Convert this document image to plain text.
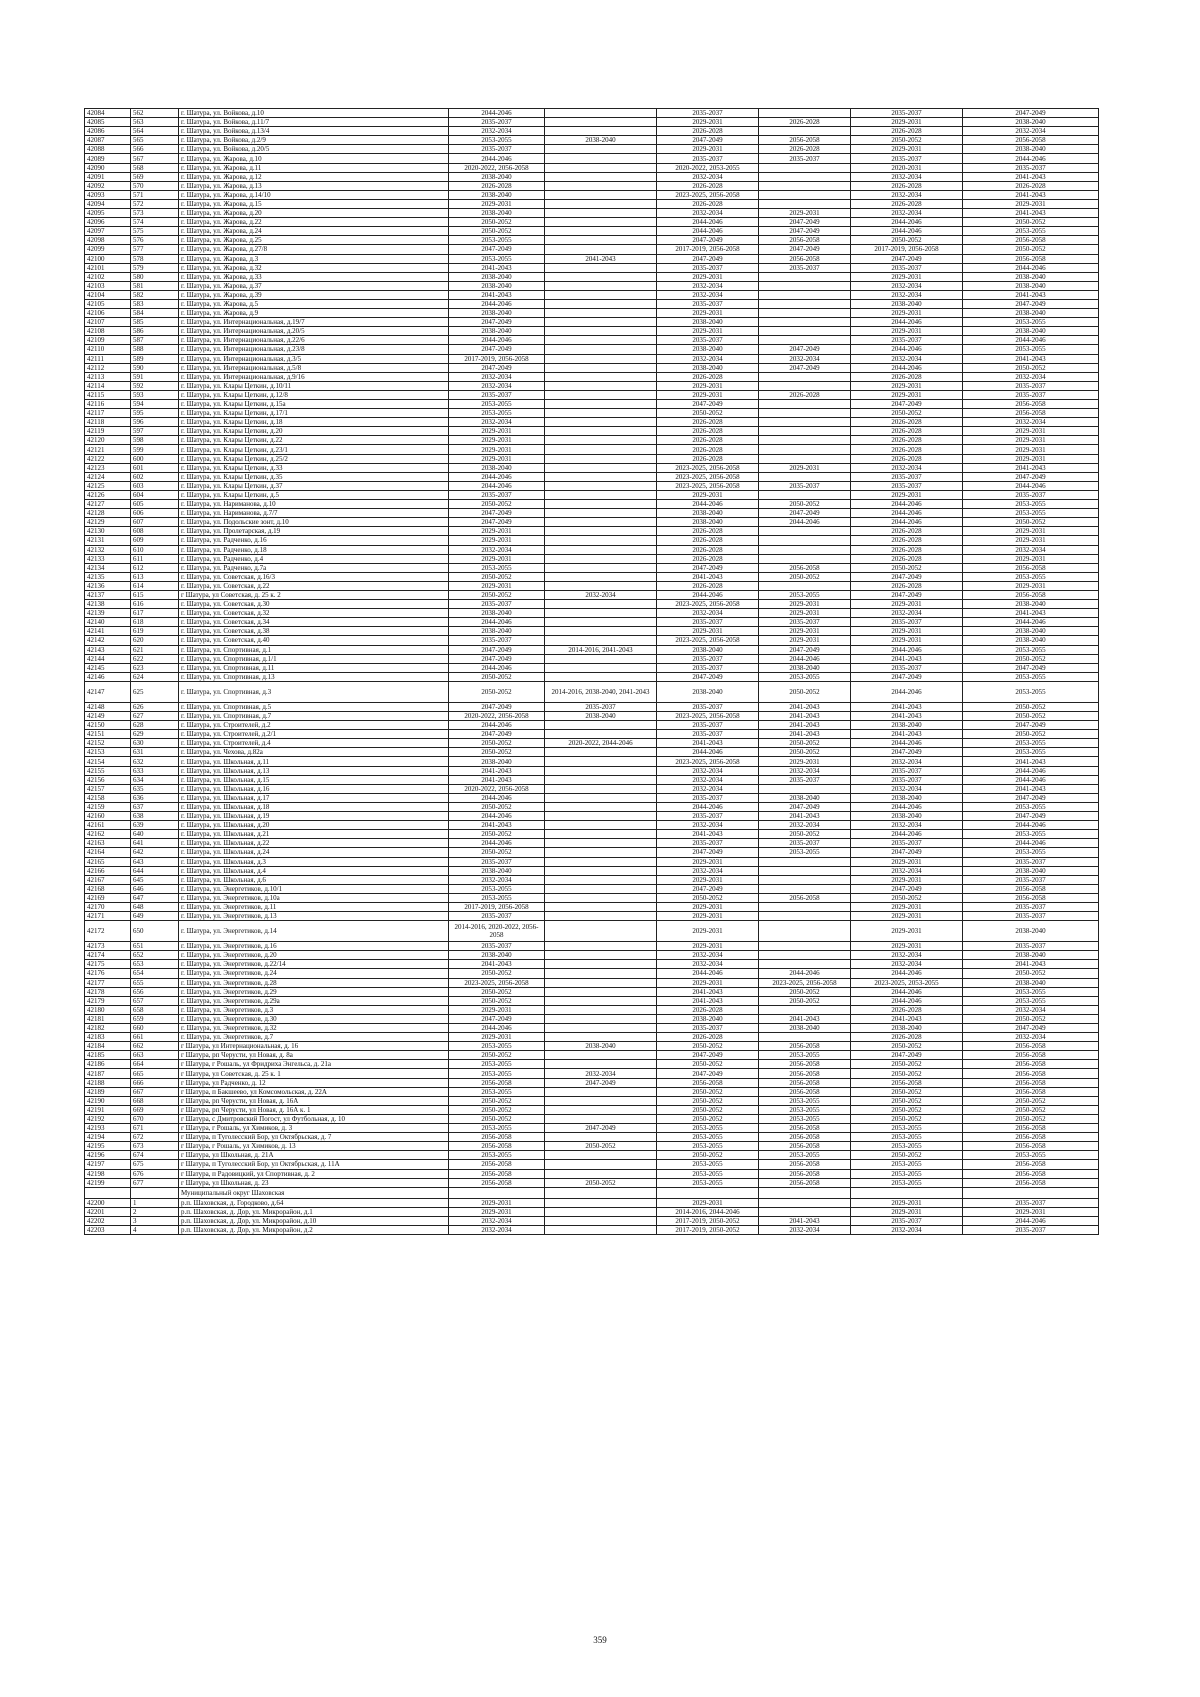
42084	562	г. Шатура, ул. Войкова, д.10	2044-2046		2035-2037		2035-2037	2047-2049
42085	563	г. Шатура, ул. Войкова, д.11/7	2035-2037		2029-2031	2026-2028	2029-2031	2038-2040
42086	564	г. Шатура, ул. Войкова, д.13/4	2032-2034		2026-2028		2026-2028	2032-2034
42087	565	г. Шатура, ул. Войкова, д.2/9	2053-2055	2038-2040	2047-2049	2056-2058	2050-2052	2056-2058
42088	566	г. Шатура, ул. Войкова, д.20/5	2035-2037		2029-2031	2026-2028	2029-2031	2038-2040
42089	567	г. Шатура, ул. Жарова, д.10	2044-2046		2035-2037	2035-2037	2035-2037	2044-2046
42090	568	г. Шатура, ул. Жарова, д.11	2020-2022, 2056-2058		2020-2022, 2053-2055		2020-2031	2035-2037
42091	569	г. Шатура, ул. Жарова, д.12	2038-2040		2032-2034		2032-2034	2041-2043
42092	570	г. Шатура, ул. Жарова, д.13	2026-2028		2026-2028		2026-2028	2026-2028
42093	571	г. Шатура, ул. Жарова, д.14/10	2038-2040		2023-2025, 2056-2058		2032-2034	2041-2043
42094	572	г. Шатура, ул. Жарова, д.15	2029-2031		2026-2028		2026-2028	2029-2031
42095	573	г. Шатура, ул. Жарова, д.20	2038-2040		2032-2034	2029-2031	2032-2034	2041-2043
42096	574	г. Шатура, ул. Жарова, д.22	2050-2052		2044-2046	2047-2049	2044-2046	2050-2052
42097	575	г. Шатура, ул. Жарова, д.24	2050-2052		2044-2046	2047-2049	2044-2046	2053-2055
42098	576	г. Шатура, ул. Жарова, д.25	2053-2055		2047-2049	2056-2058	2050-2052	2056-2058
42099	577	г. Шатура, ул. Жарова, д.27/8	2047-2049		2017-2019, 2056-2058	2047-2049	2017-2019, 2056-2058	2050-2052
42100	578	г. Шатура, ул. Жарова, д.3	2053-2055	2041-2043	2047-2049	2056-2058	2047-2049	2056-2058
42101	579	г. Шатура, ул. Жарова, д.32	2041-2043		2035-2037	2035-2037	2035-2037	2044-2046
42102	580	г. Шатура, ул. Жарова, д.33	2038-2040		2029-2031		2029-2031	2038-2040
42103	581	г. Шатура, ул. Жарова, д.37	2038-2040		2032-2034		2032-2034	2038-2040
42104	582	г. Шатура, ул. Жарова, д.39	2041-2043		2032-2034		2032-2034	2041-2043
42105	583	г. Шатура, ул. Жарова, д.5	2044-2046		2035-2037		2038-2040	2047-2049
42106	584	г. Шатура, ул. Жарова, д.9	2038-2040		2029-2031		2029-2031	2038-2040
42107	585	г. Шатура, ул. Интернациональная, д.19/7	2047-2049		2038-2040		2044-2046	2053-2055
42108	586	г. Шатура, ул. Интернациональная, д.20/5	2038-2040		2029-2031		2029-2031	2038-2040
42109	587	г. Шатура, ул. Интернациональная, д.22/6	2044-2046		2035-2037		2035-2037	2044-2046
42110	588	г. Шатура, ул. Интернациональная, д.23/8	2047-2049		2038-2040	2047-2049	2044-2046	2053-2055
42111	589	г. Шатура, ул. Интернациональная, д.3/5	2017-2019, 2056-2058		2032-2034	2032-2034	2032-2034	2041-2043
42112	590	г. Шатура, ул. Интернациональная, д.5/8	2047-2049		2038-2040	2047-2049	2044-2046	2050-2052
42113	591	г. Шатура, ул. Интернациональная, д.9/16	2032-2034		2026-2028		2026-2028	2032-2034
42114	592	г. Шатура, ул. Клары Цеткин, д.10/11	2032-2034		2029-2031		2029-2031	2035-2037
42115	593	г. Шатура, ул. Клары Цеткин, д.12/8	2035-2037		2029-2031	2026-2028	2029-2031	2035-2037
42116	594	г. Шатура, ул. Клары Цеткин, д.15а	2053-2055		2047-2049		2047-2049	2056-2058
42117	595	г. Шатура, ул. Клары Цеткин, д.17/1	2053-2055		2050-2052		2050-2052	2056-2058
42118	596	г. Шатура, ул. Клары Цеткин, д.18	2032-2034		2026-2028		2026-2028	2032-2034
42119	597	г. Шатура, ул. Клары Цеткин, д.20	2029-2031		2026-2028		2026-2028	2029-2031
42120	598	г. Шатура, ул. Клары Цеткин, д.22	2029-2031		2026-2028		2026-2028	2029-2031
42121	599	г. Шатура, ул. Клары Цеткин, д.23/1	2029-2031		2026-2028		2026-2028	2029-2031
42122	600	г. Шатура, ул. Клары Цеткин, д.25/2	2029-2031		2026-2028		2026-2028	2029-2031
42123	601	г. Шатура, ул. Клары Цеткин, д.33	2038-2040		2023-2025, 2056-2058	2029-2031	2032-2034	2041-2043
42124	602	г. Шатура, ул. Клары Цеткин, д.35	2044-2046		2023-2025, 2056-2058		2035-2037	2047-2049
42125	603	г. Шатура, ул. Клары Цеткин, д.37	2044-2046		2023-2025, 2056-2058	2035-2037	2035-2037	2044-2046
42126	604	г. Шатура, ул. Клары Цеткин, д.5	2035-2037		2029-2031		2029-2031	2035-2037
42127	605	г. Шатура, ул. Нариманова, д.10	2050-2052		2044-2046	2050-2052	2044-2046	2053-2055
42128	606	г. Шатура, ул. Нариманова, д.7/7	2047-2049		2038-2040	2047-2049	2044-2046	2053-2055
42129	607	г. Шатура, ул. Подольские зонт, д.10	2047-2049		2038-2040	2044-2046	2044-2046	2050-2052
42130	608	г. Шатура, ул. Пролетарская, д.19	2029-2031		2026-2028		2026-2028	2029-2031
42131	609	г. Шатура, ул. Радченко, д.16	2029-2031		2026-2028		2026-2028	2029-2031
42132	610	г. Шатура, ул. Радченко, д.18	2032-2034		2026-2028		2026-2028	2032-2034
42133	611	г. Шатура, ул. Радченко, д.4	2029-2031		2026-2028		2026-2028	2029-2031
42134	612	г. Шатура, ул. Радченко, д.7а	2053-2055		2047-2049	2056-2058	2050-2052	2056-2058
42135	613	г. Шатура, ул. Советская, д.16/3	2050-2052		2041-2043	2050-2052	2047-2049	2053-2055
42136	614	г. Шатура, ул. Советская, д.22	2029-2031		2026-2028		2026-2028	2029-2031
42137	615	г Шатура, ул Советская, д. 25 к. 2	2050-2052	2032-2034	2044-2046	2053-2055	2047-2049	2056-2058
42138	616	г. Шатура, ул. Советская, д.30	2035-2037		2023-2025, 2056-2058	2029-2031	2029-2031	2038-2040
42139	617	г. Шатура, ул. Советская, д.32	2038-2040		2032-2034	2029-2031	2032-2034	2041-2043
42140	618	г. Шатура, ул. Советская, д.34	2044-2046		2035-2037	2035-2037	2035-2037	2044-2046
42141	619	г. Шатура, ул. Советская, д.38	2038-2040		2029-2031	2029-2031	2029-2031	2038-2040
42142	620	г. Шатура, ул. Советская, д.40	2035-2037		2023-2025, 2056-2058	2029-2031	2029-2031	2038-2040
42143	621	г. Шатура, ул. Спортивная, д.1	2047-2049	2014-2016, 2041-2043	2038-2040	2047-2049	2044-2046	2053-2055
42144	622	г. Шатура, ул. Спортивная, д.1/1	2047-2049		2035-2037	2044-2046	2041-2043	2050-2052
42145	623	г. Шатура, ул. Спортивная, д.11	2044-2046		2035-2037	2038-2040	2035-2037	2047-2049
42146	624	г. Шатура, ул. Спортивная, д.13	2050-2052		2047-2049	2053-2055	2047-2049	2053-2055
42147	625	г. Шатура, ул. Спортивная, д.3	2050-2052	2014-2016, 2038-2040, 2041-2043	2038-2040	2050-2052	2044-2046	2053-2055
42148	626	г. Шатура, ул. Спортивная, д.5	2047-2049	2035-2037	2035-2037	2041-2043	2041-2043	2050-2052
42149	627	г. Шатура, ул. Спортивная, д.7	2020-2022, 2056-2058	2038-2040	2023-2025, 2056-2058	2041-2043	2041-2043	2050-2052
42150	628	г. Шатура, ул. Строителей, д.2	2044-2046		2035-2037	2041-2043	2038-2040	2047-2049
42151	629	г. Шатура, ул. Строителей, д.2/1	2047-2049		2035-2037	2041-2043	2041-2043	2050-2052
42152	630	г. Шатура, ул. Строителей, д.4	2050-2052	2020-2022, 2044-2046	2041-2043	2050-2052	2044-2046	2053-2055
42153	631	г. Шатура, ул. Чехова, д.82а	2050-2052		2044-2046	2050-2052	2047-2049	2053-2055
42154	632	г. Шатура, ул. Школьная, д.11	2038-2040		2023-2025, 2056-2058	2029-2031	2032-2034	2041-2043
42155	633	г. Шатура, ул. Школьная, д.13	2041-2043		2032-2034	2032-2034	2035-2037	2044-2046
42156	634	г. Шатура, ул. Школьная, д.15	2041-2043		2032-2034	2035-2037	2035-2037	2044-2046
42157	635	г. Шатура, ул. Школьная, д.16	2020-2022, 2056-2058		2032-2034		2032-2034	2041-2043
42158	636	г. Шатура, ул. Школьная, д.17	2044-2046		2035-2037	2038-2040	2038-2040	2047-2049
42159	637	г. Шатура, ул. Школьная, д.18	2050-2052		2044-2046	2047-2049	2044-2046	2053-2055
42160	638	г. Шатура, ул. Школьная, д.19	2044-2046		2035-2037	2041-2043	2038-2040	2047-2049
42161	639	г. Шатура, ул. Школьная, д.20	2041-2043		2032-2034	2032-2034	2032-2034	2044-2046
42162	640	г. Шатура, ул. Школьная, д.21	2050-2052		2041-2043	2050-2052	2044-2046	2053-2055
42163	641	г. Шатура, ул. Школьная, д.22	2044-2046		2035-2037	2035-2037	2035-2037	2044-2046
42164	642	г. Шатура, ул. Школьная, д.24	2050-2052		2047-2049	2053-2055	2047-2049	2053-2055
42165	643	г. Шатура, ул. Школьная, д.3	2035-2037		2029-2031		2029-2031	2035-2037
42166	644	г. Шатура, ул. Школьная, д.4	2038-2040		2032-2034		2032-2034	2038-2040
42167	645	г. Шатура, ул. Школьная, д.6	2032-2034		2029-2031		2029-2031	2035-2037
42168	646	г. Шатура, ул. Энергетиков, д.10/1	2053-2055		2047-2049		2047-2049	2056-2058
42169	647	г. Шатура, ул. Энергетиков, д.10а	2053-2055		2050-2052	2056-2058	2050-2052	2056-2058
42170	648	г. Шатура, ул. Энергетиков, д.11	2017-2019, 2056-2058		2029-2031		2029-2031	2035-2037
42171	649	г. Шатура, ул. Энергетиков, д.13	2035-2037		2029-2031		2029-2031	2035-2037
42172	650	г. Шатура, ул. Энергетиков, д.14	2014-2016, 2020-2022, 2056-2058		2029-2031		2029-2031	2038-2040
42173	651	г. Шатура, ул. Энергетиков, д.16	2035-2037		2029-2031		2029-2031	2035-2037
42174	652	г. Шатура, ул. Энергетиков, д.20	2038-2040		2032-2034		2032-2034	2038-2040
42175	653	г. Шатура, ул. Энергетиков, д.22/14	2041-2043		2032-2034		2032-2034	2041-2043
42176	654	г. Шатура, ул. Энергетиков, д.24	2050-2052		2044-2046	2044-2046	2044-2046	2050-2052
42177	655	г. Шатура, ул. Энергетиков, д.28	2023-2025, 2056-2058		2029-2031	2023-2025, 2056-2058	2023-2025, 2053-2055	2038-2040
42178	656	г. Шатура, ул. Энергетиков, д.29	2050-2052		2041-2043	2050-2052	2044-2046	2053-2055
42179	657	г. Шатура, ул. Энергетиков, д.29а	2050-2052		2041-2043	2050-2052	2044-2046	2053-2055
42180	658	г. Шатура, ул. Энергетиков, д.3	2029-2031		2026-2028		2026-2028	2032-2034
42181	659	г. Шатура, ул. Энергетиков, д.30	2047-2049		2038-2040	2041-2043	2041-2043	2050-2052
42182	660	г. Шатура, ул. Энергетиков, д.32	2044-2046		2035-2037	2038-2040	2038-2040	2047-2049
42183	661	г. Шатура, ул. Энергетиков, д.7	2029-2031		2026-2028		2026-2028	2032-2034
42184	662	г Шатура, ул Интернациональная, д. 16	2053-2055	2038-2040	2050-2052	2056-2058	2050-2052	2056-2058
42185	663	г Шатура, рп Черусти, ул Новая, д. 8а	2050-2052		2047-2049	2053-2055	2047-2049	2056-2058
42186	664	г Шатура, г Рошаль, ул Фридриха Энгельса, д. 21а	2053-2055		2050-2052	2056-2058	2050-2052	2056-2058
42187	665	г Шатура, ул Советская, д. 25 к. 1	2053-2055	2032-2034	2047-2049	2056-2058	2050-2052	2056-2058
42188	666	г Шатура, ул Радченко, д. 12	2056-2058	2047-2049	2056-2058	2056-2058	2056-2058	2056-2058
42189	667	г Шатура, п Бакшеево, ул Комсомольская, д. 22А	2053-2055		2050-2052	2056-2058	2050-2052	2056-2058
42190	668	г Шатура, рп Черусти, ул Новая, д. 16А	2050-2052		2050-2052	2053-2055	2050-2052	2050-2052
42191	669	г Шатура, рп Черусти, ул Новая, д. 16А к. 1	2050-2052		2050-2052	2053-2055	2050-2052	2050-2052
42192	670	г Шатура, с Дмитровский Погост, ул Футбольная, д. 10	2050-2052		2050-2052	2053-2055	2050-2052	2050-2052
42193	671	г Шатура, г Рошаль, ул Химиков, д. 3	2053-2055	2047-2049	2053-2055	2056-2058	2053-2055	2056-2058
42194	672	г Шатура, п Туголесский Бор, ул Октябрьская, д. 7	2056-2058		2053-2055	2056-2058	2053-2055	2056-2058
42195	673	г Шатура, г Рошаль, ул Химиков, д. 13	2056-2058	2050-2052	2053-2055	2056-2058	2053-2055	2056-2058
42196	674	г Шатура, ул Школьная, д. 21А	2053-2055		2050-2052	2053-2055	2050-2052	2053-2055
42197	675	г Шатура, п Туголесский Бор, ул Октябрьская, д. 11А	2056-2058		2053-2055	2056-2058	2053-2055	2056-2058
42198	676	г Шатура, п Радовицкий, ул Спортивная, д. 2	2056-2058		2053-2055	2056-2058	2053-2055	2056-2058
42199	677	г Шатура, ул Школьная, д. 23	2056-2058	2050-2052	2053-2055	2056-2058	2053-2055	2056-2058
		Муниципальный округ Шаховская						
42200	1	р.п. Шаховская, д. Городково, д.64	2029-2031		2029-2031		2029-2031	2035-2037
42201	2	р.п. Шаховская, д. Дор, ул. Микрорайон, д.1	2029-2031		2014-2016, 2044-2046		2029-2031	2029-2031
42202	3	р.п. Шаховская, д. Дор, ул. Микрорайон, д.10	2032-2034		2017-2019, 2050-2052	2041-2043	2035-2037	2044-2046
42203	4	р.п. Шаховская, д. Дор, ул. Микрорайон, д.2	2032-2034		2017-2019, 2050-2052	2032-2034	2032-2034	2035-2037
359
